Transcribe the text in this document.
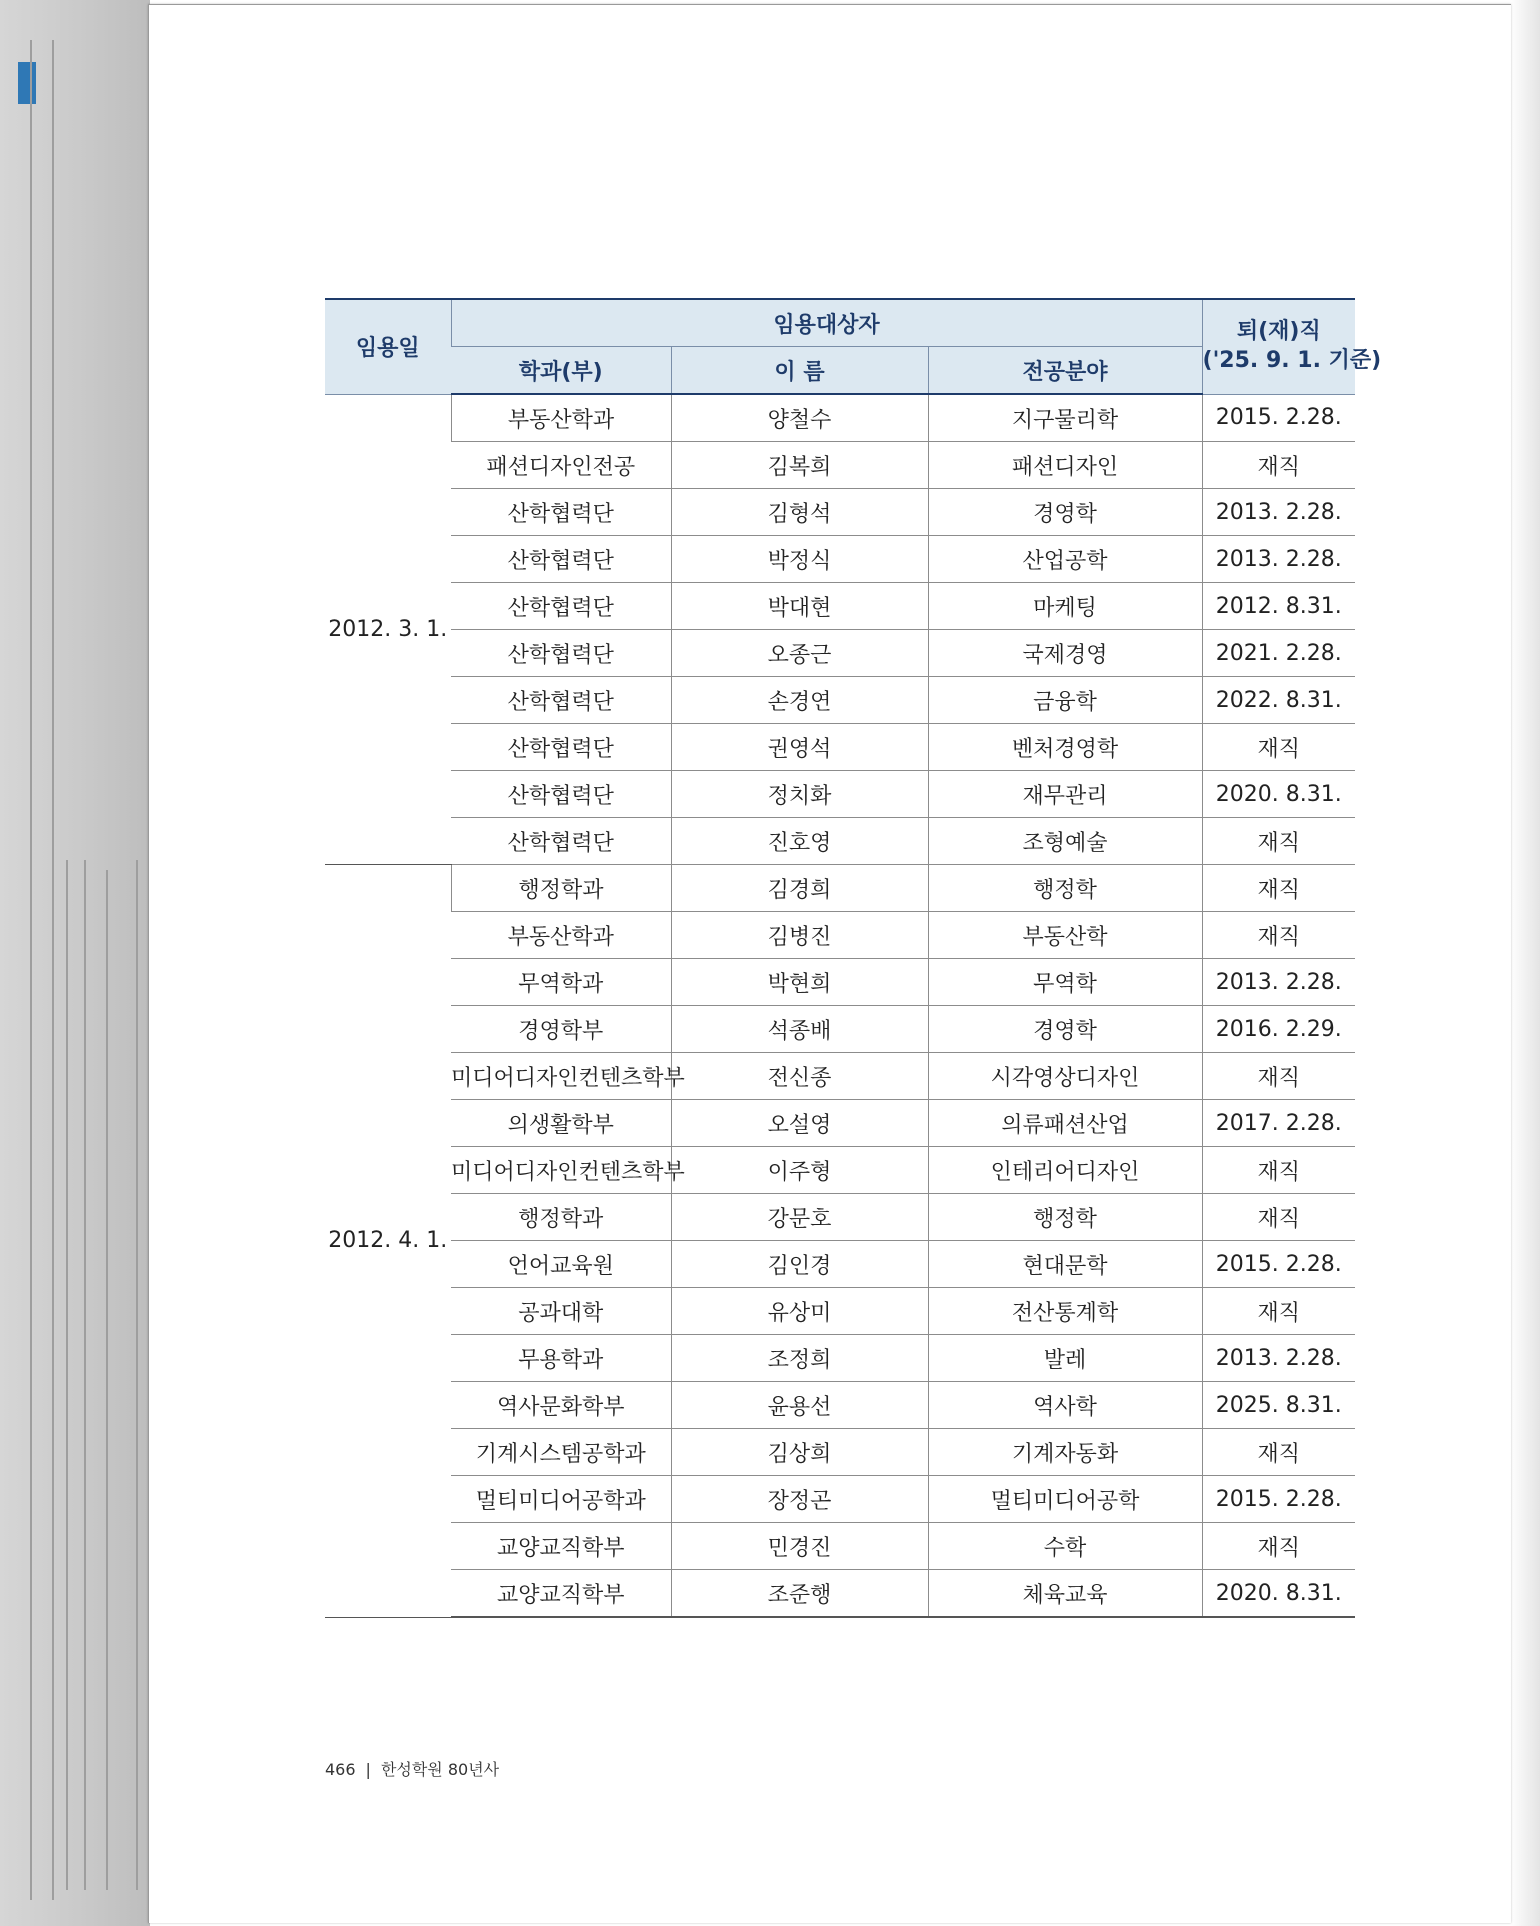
임용일	임용대상자			퇴(재)직
('25. 9. 1. 기준)
	학과(부)	이 름	전공분야	
2012. 3. 1.	부동산학과	양철수	지구물리학	2015. 2.28.
	패션디자인전공	김복희	패션디자인	재직
	산학협력단	김형석	경영학	2013. 2.28.
	산학협력단	박정식	산업공학	2013. 2.28.
	산학협력단	박대현	마케팅	2012. 8.31.
	산학협력단	오종근	국제경영	2021. 2.28.
	산학협력단	손경연	금융학	2022. 8.31.
	산학협력단	권영석	벤처경영학	재직
	산학협력단	정치화	재무관리	2020. 8.31.
	산학협력단	진호영	조형예술	재직
2012. 4. 1.	행정학과	김경희	행정학	재직
	부동산학과	김병진	부동산학	재직
	무역학과	박현희	무역학	2013. 2.28.
	경영학부	석종배	경영학	2016. 2.29.
	미디어디자인컨텐츠학부	전신종	시각영상디자인	재직
	의생활학부	오설영	의류패션산업	2017. 2.28.
	미디어디자인컨텐츠학부	이주형	인테리어디자인	재직
	행정학과	강문호	행정학	재직
	언어교육원	김인경	현대문학	2015. 2.28.
	공과대학	유상미	전산통계학	재직
	무용학과	조정희	발레	2013. 2.28.
	역사문화학부	윤용선	역사학	2025. 8.31.
	기계시스템공학과	김상희	기계자동화	재직
	멀티미디어공학과	장정곤	멀티미디어공학	2015. 2.28.
	교양교직학부	민경진	수학	재직
	교양교직학부	조준행	체육교육	2020. 8.31.
466 | 한성학원 80년사
